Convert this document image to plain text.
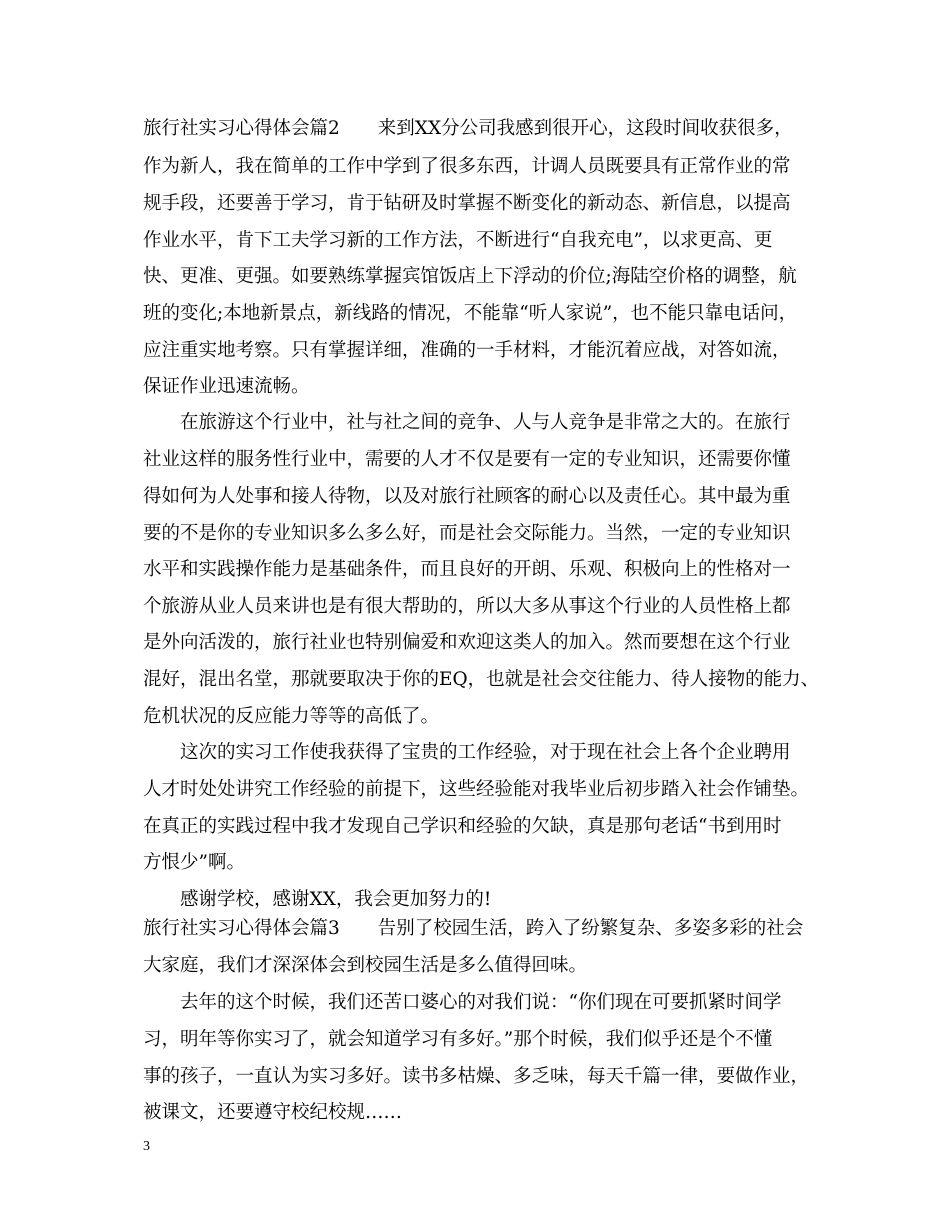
旅行社实习心得体会篇2 来到XX分公司我感到很开心，这段时间收获很多，
作为新人，我在简单的工作中学到了很多东西，计调人员既要具有正常作业的常
规手段，还要善于学习，肯于钻研及时掌握不断变化的新动态、新信息，以提高
作业水平，肯下工夫学习新的工作方法，不断进行“自我充电”，以求更高、更
快、更准、更强。如要熟练掌握宾馆饭店上下浮动的价位;海陆空价格的调整，航
班的变化;本地新景点，新线路的情况，不能靠“听人家说”，也不能只靠电话问，
应注重实地考察。只有掌握详细，准确的一手材料，才能沉着应战，对答如流，
保证作业迅速流畅。
在旅游这个行业中，社与社之间的竞争、人与人竞争是非常之大的。在旅行
社业这样的服务性行业中，需要的人才不仅是要有一定的专业知识，还需要你懂
得如何为人处事和接人待物，以及对旅行社顾客的耐心以及责任心。其中最为重
要的不是你的专业知识多么多么好，而是社会交际能力。当然，一定的专业知识
水平和实践操作能力是基础条件，而且良好的开朗、乐观、积极向上的性格对一
个旅游从业人员来讲也是有很大帮助的，所以大多从事这个行业的人员性格上都
是外向活泼的，旅行社业也特别偏爱和欢迎这类人的加入。然而要想在这个行业
混好，混出名堂，那就要取决于你的EQ，也就是社会交往能力、待人接物的能力、
危机状况的反应能力等等的高低了。
这次的实习工作使我获得了宝贵的工作经验，对于现在社会上各个企业聘用
人才时处处讲究工作经验的前提下，这些经验能对我毕业后初步踏入社会作铺垫。
在真正的实践过程中我才发现自己学识和经验的欠缺，真是那句老话“书到用时
方恨少”啊。
感谢学校，感谢XX，我会更加努力的!
旅行社实习心得体会篇3 告别了校园生活，跨入了纷繁复杂、多姿多彩的社会
大家庭，我们才深深体会到校园生活是多么值得回味。
去年的这个时候，我们还苦口婆心的对我们说：“你们现在可要抓紧时间学
习，明年等你实习了，就会知道学习有多好。”那个时候，我们似乎还是个不懂
事的孩子，一直认为实习多好。读书多枯燥、多乏味，每天千篇一律，要做作业，
被课文，还要遵守校纪校规……
3
